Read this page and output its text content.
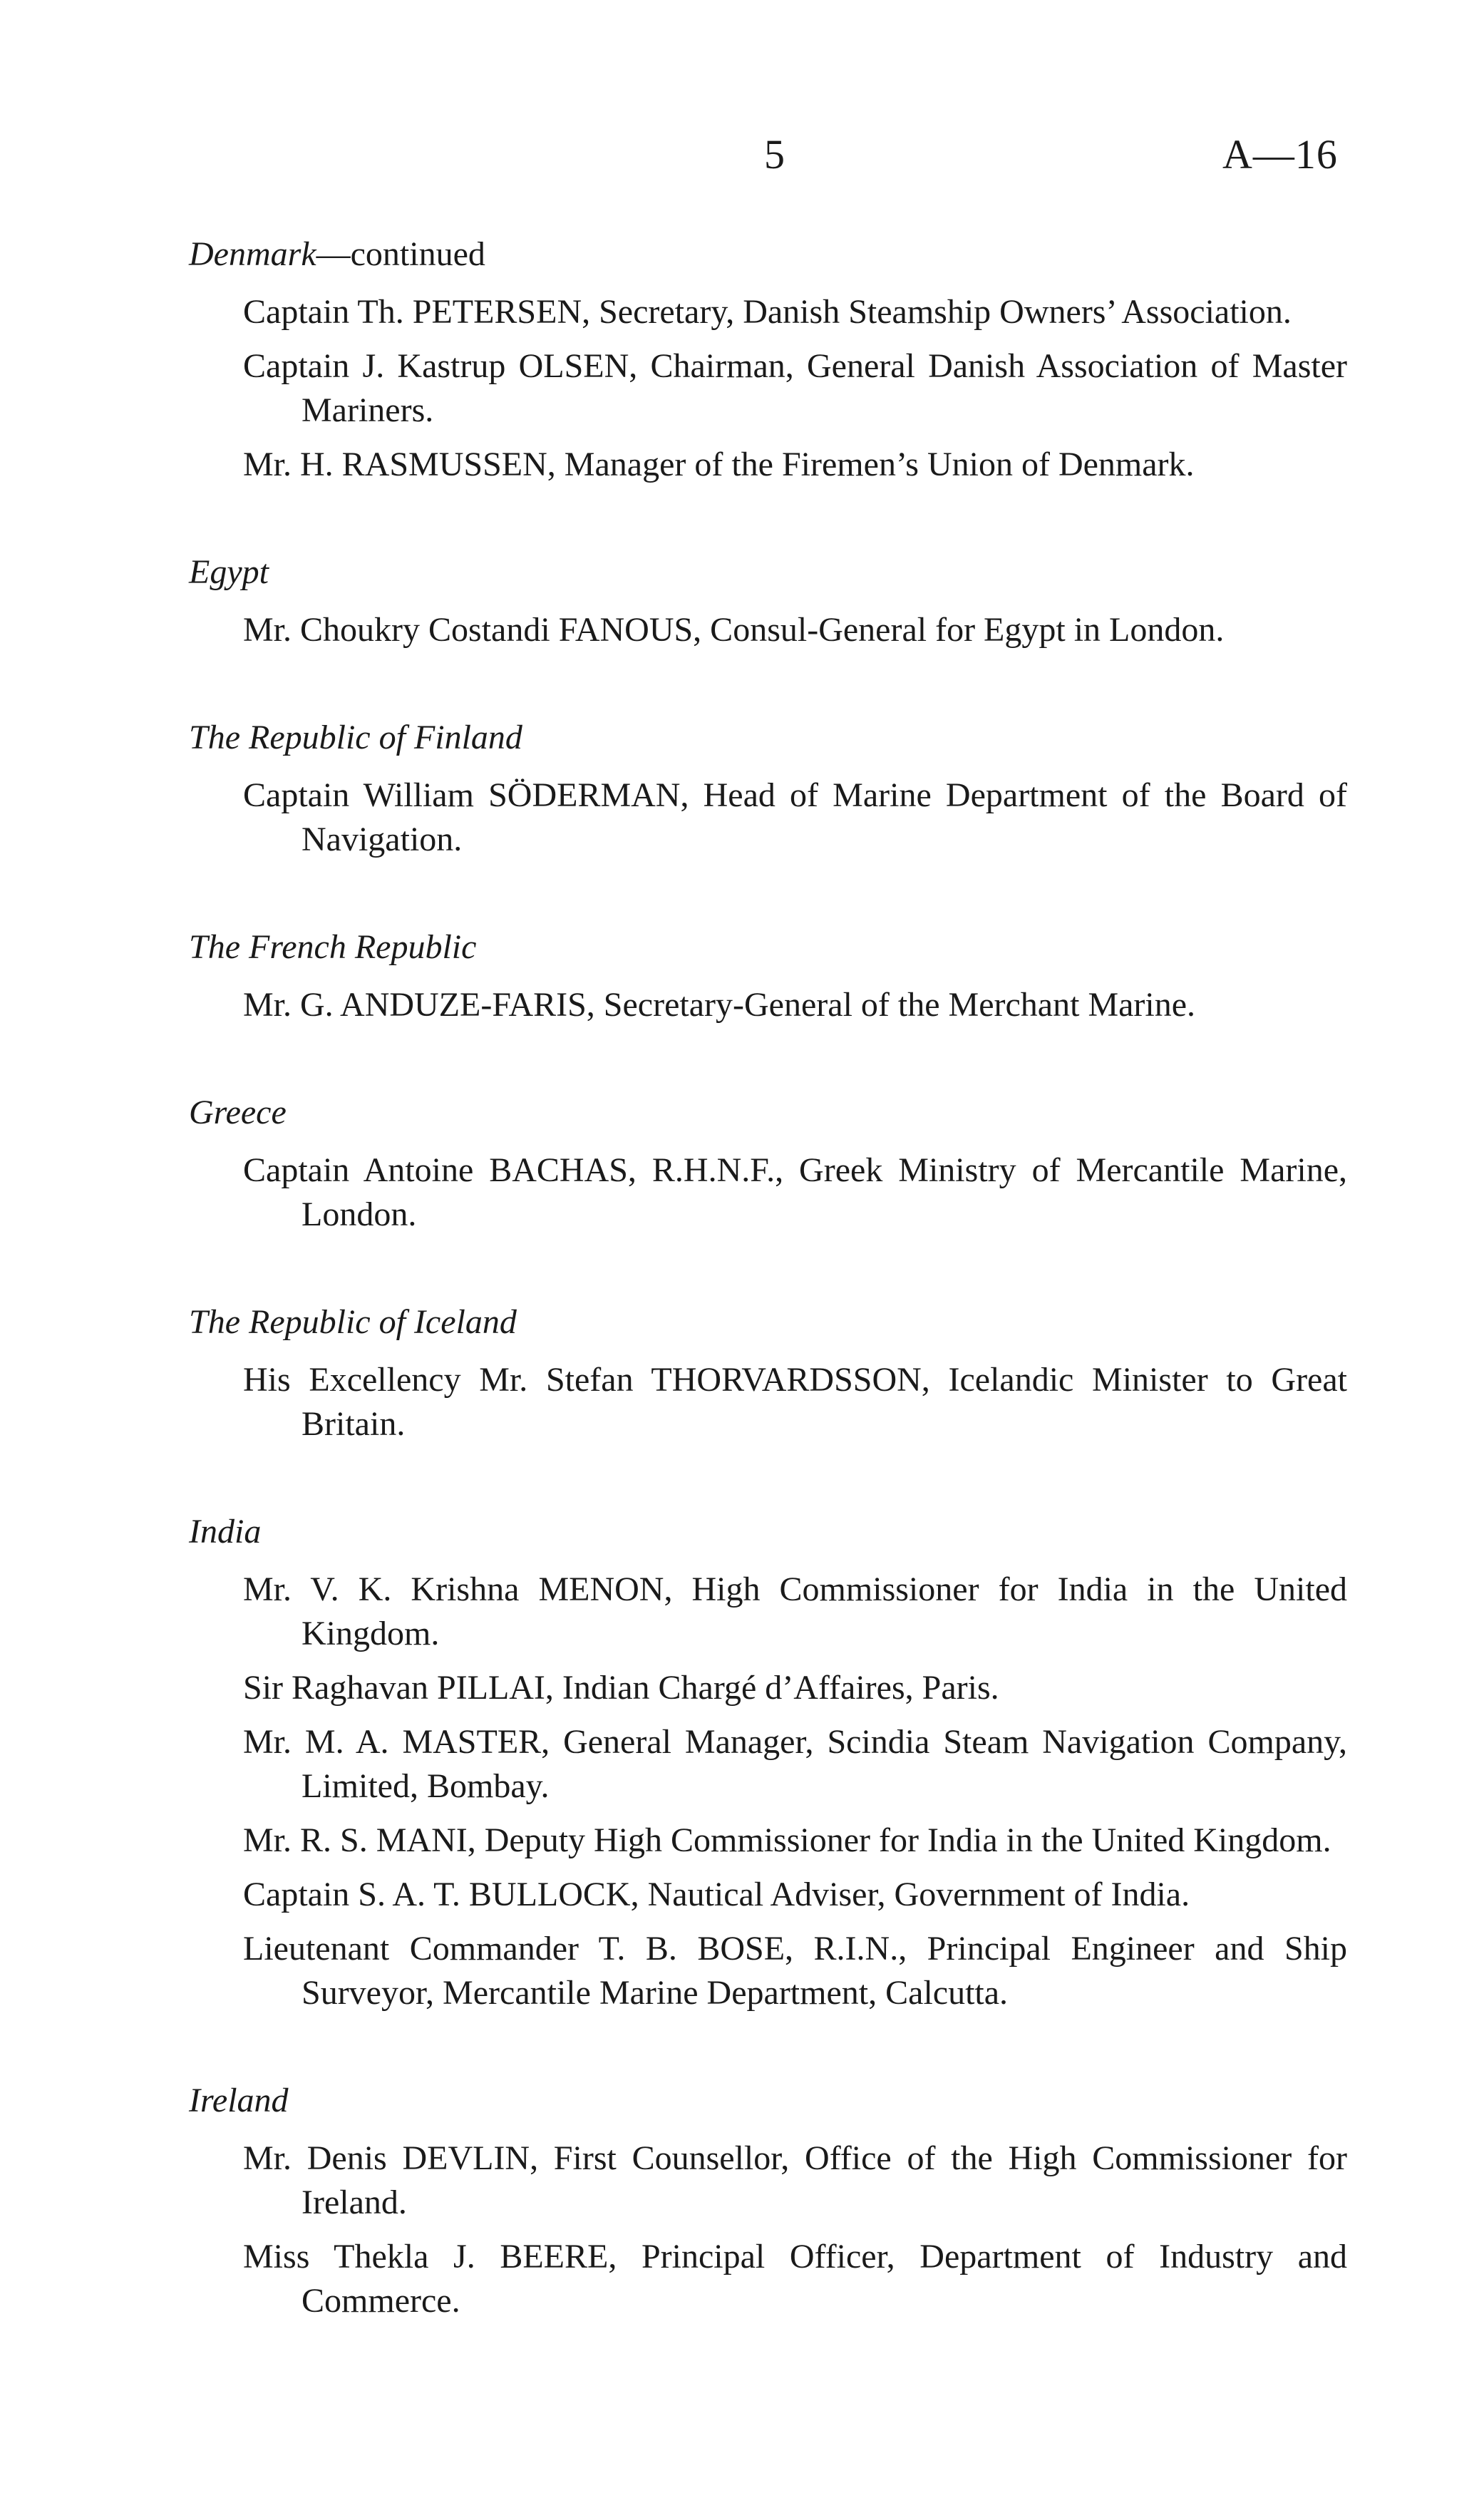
5	A—16
Denmark—continued
Captain Th. PETERSEN, Secretary, Danish Steamship Owners’ Association.
Captain J. Kastrup OLSEN, Chairman, General Danish Association of Master Mariners.
Mr. H. RASMUSSEN, Manager of the Firemen’s Union of Denmark.
Egypt
Mr. Choukry Costandi FANOUS, Consul-General for Egypt in London.
The Republic of Finland
Captain William SÖDERMAN, Head of Marine Department of the Board of Navigation.
The French Republic
Mr. G. ANDUZE-FARIS, Secretary-General of the Merchant Marine.
Greece
Captain Antoine BACHAS, R.H.N.F., Greek Ministry of Mercantile Marine, London.
The Republic of Iceland
His Excellency Mr. Stefan THORVARDSSON, Icelandic Minister to Great Britain.
India
Mr. V. K. Krishna MENON, High Commissioner for India in the United Kingdom.
Sir Raghavan PILLAI, Indian Chargé d’Affaires, Paris.
Mr. M. A. MASTER, General Manager, Scindia Steam Navigation Company, Limited, Bombay.
Mr. R. S. MANI, Deputy High Commissioner for India in the United Kingdom.
Captain S. A. T. BULLOCK, Nautical Adviser, Government of India.
Lieutenant Commander T. B. BOSE, R.I.N., Principal Engineer and Ship Surveyor, Mercantile Marine Department, Calcutta.
Ireland
Mr. Denis DEVLIN, First Counsellor, Office of the High Commissioner for Ireland.
Miss Thekla J. BEERE, Principal Officer, Department of Industry and Commerce.
